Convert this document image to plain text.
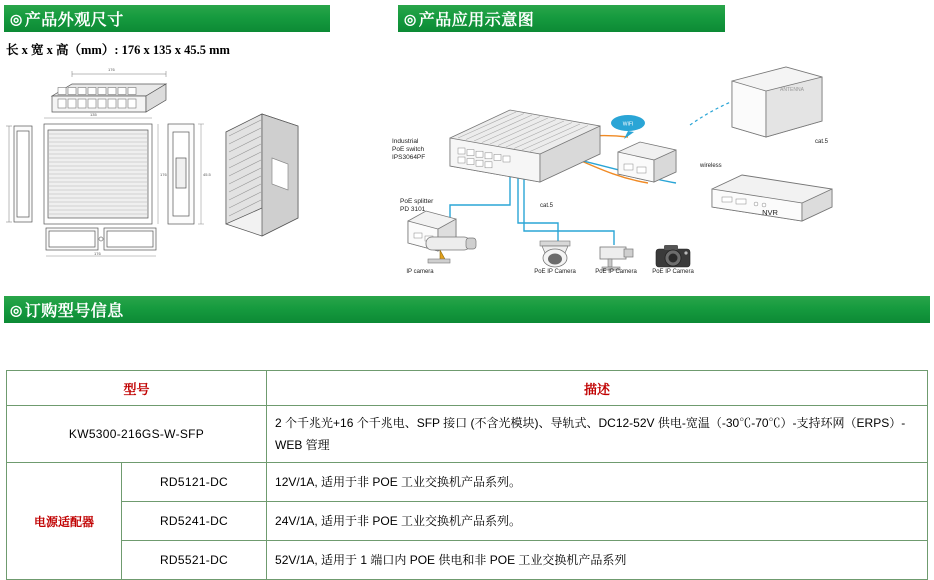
◎ 产品外观尺寸	◎ 产品应用示意图
◎ 订购型号信息
长 x 宽 x 高（mm）: 176 x 135 x 45.5 mm
176
135
176	45.5
176
Industrial
PoE switch
IPS3064PF
PoE splitter
PD 3101
WIFI
ANTENNA
cat.5
NVR
wireless
cat.5
IP camera	PoE IP Camera	PoE IP Camera	PoE IP Camera
型号		描述
KW5300-216GS-W-SFP		2 个千兆光+16 个千兆电、SFP 接口 (不含光模块)、导轨式、DC12-52V 供电-宽温（-30℃-70℃）-支持环网（ERPS）-WEB 管理
电源适配器	RD5121-DC	12V/1A, 适用于非 POE 工业交换机产品系列。
	RD5241-DC	24V/1A, 适用于非 POE 工业交换机产品系列。
	RD5521-DC	52V/1A, 适用于 1 端口内 POE 供电和非 POE 工业交换机产品系列
